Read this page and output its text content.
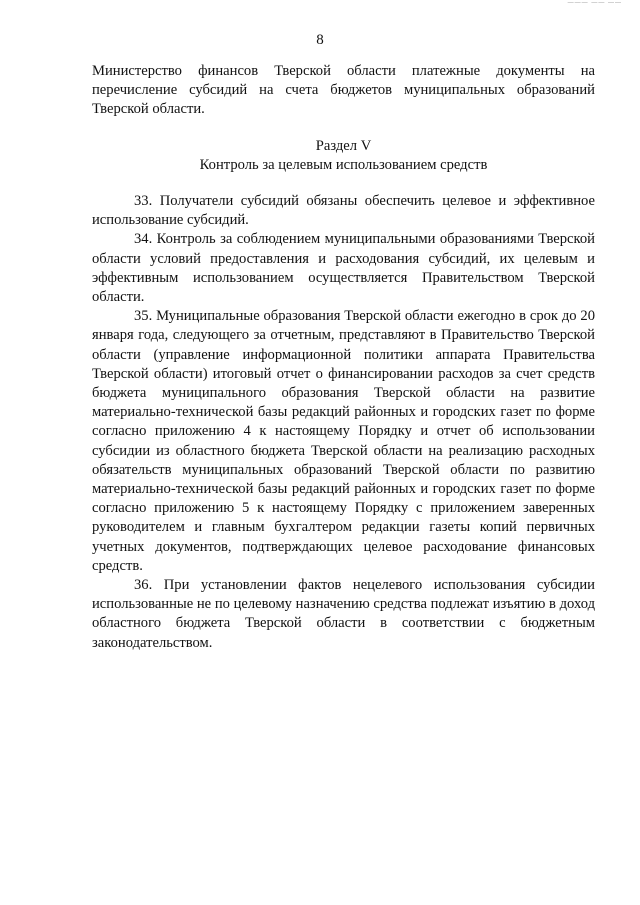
——— —— ——
8

Министерство финансов Тверской области платежные документы на перечисление субсидий на счета бюджетов муниципальных образований Тверской области.

Раздел V

Контроль за целевым использованием средств

33. Получатели субсидий обязаны обеспечить целевое и эффективное использование субсидий.

34. Контроль за соблюдением муниципальными образованиями Тверской области условий предоставления и расходования субсидий, их целевым и эффективным использованием осуществляется Правительством Тверской области.

35. Муниципальные образования Тверской области ежегодно в срок до 20 января года, следующего за отчетным, представляют в Правительство Тверской области (управление информационной политики аппарата Правительства Тверской области) итоговый отчет о финансировании расходов за счет средств бюджета муниципального образования Тверской области на развитие материально-технической базы редакций районных и городских газет по форме согласно приложению 4 к настоящему Порядку и отчет об использовании субсидии из областного бюджета Тверской области на реализацию расходных обязательств муниципальных образований Тверской области по развитию материально-технической базы редакций районных и городских газет по форме согласно приложению 5 к настоящему Порядку с приложением заверенных руководителем и главным бухгалтером редакции газеты копий первичных учетных документов, подтверждающих целевое расходование финансовых средств.

36. При установлении фактов нецелевого использования субсидии использованные не по целевому назначению средства подлежат изъятию в доход областного бюджета Тверской области в соответствии с бюджетным законодательством.
